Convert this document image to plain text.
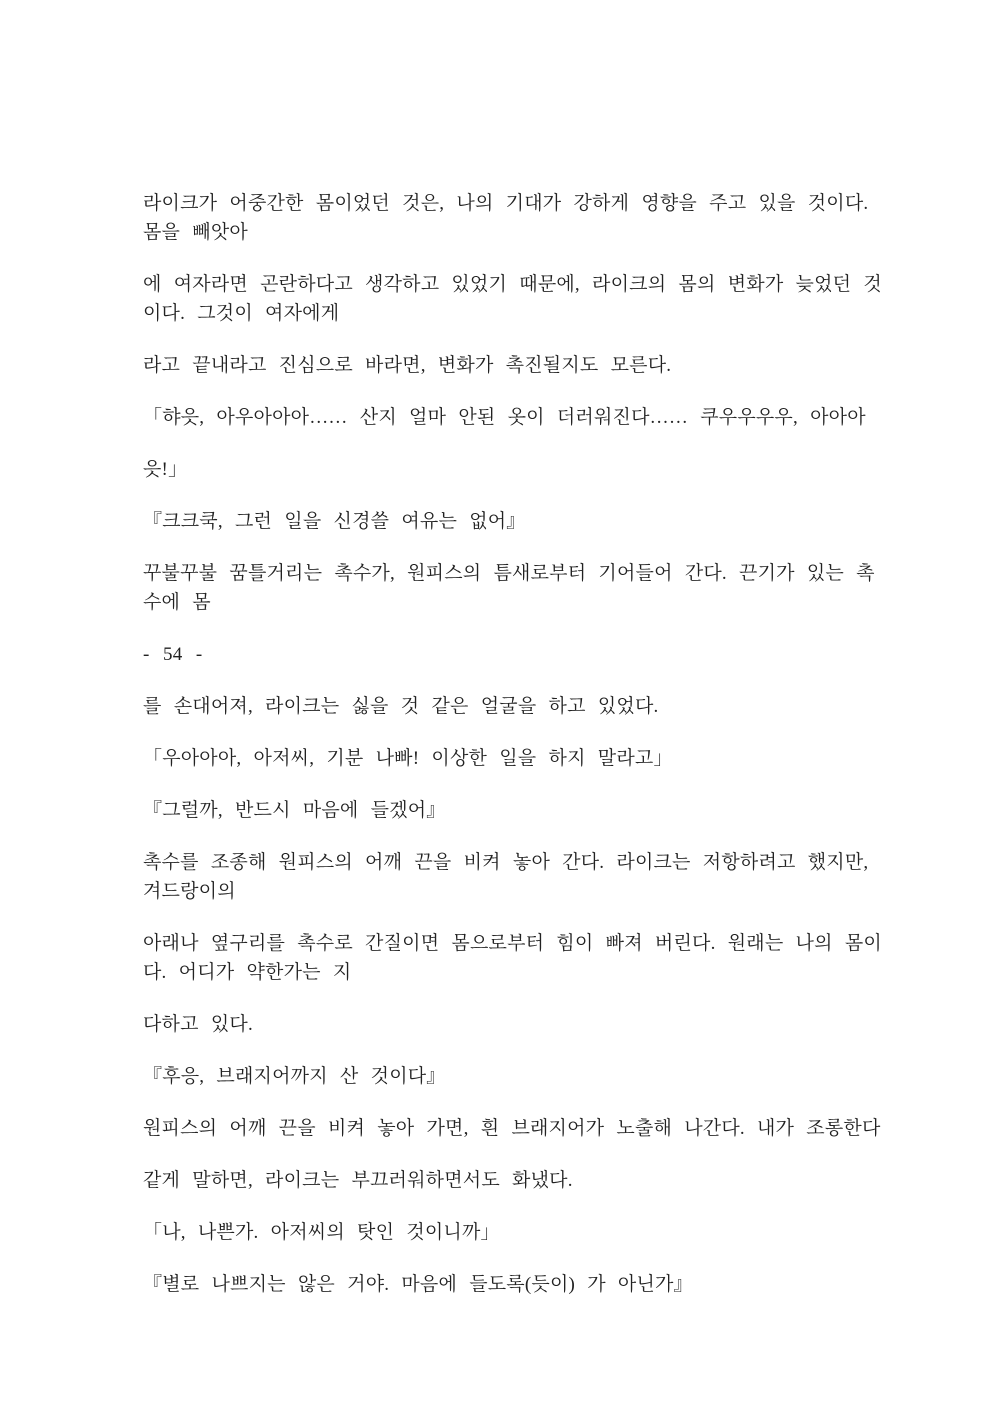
라이크가 어중간한 몸이었던 것은, 나의 기대가 강하게 영향을 주고 있을 것이다. 몸을 빼앗아

에 여자라면 곤란하다고 생각하고 있었기 때문에, 라이크의 몸의 변화가 늦었던 것이다. 그것이 여자에게

라고 끝내라고 진심으로 바라면, 변화가 촉진될지도 모른다.

「햐읏, 아우아아아…… 산지 얼마 안된 옷이 더러워진다…… 쿠우우우우, 아아아

읏!」

『크크쿡, 그런 일을 신경쓸 여유는 없어』

꾸불꾸불 꿈틀거리는 촉수가, 원피스의 틈새로부터 기어들어 간다. 끈기가 있는 촉수에 몸

- 54 -

를 손대어져, 라이크는 싫을 것 같은 얼굴을 하고 있었다.

「우아아아, 아저씨, 기분 나빠! 이상한 일을 하지 말라고」

『그럴까, 반드시 마음에 들겠어』

촉수를 조종해 원피스의 어깨 끈을 비켜 놓아 간다. 라이크는 저항하려고 했지만, 겨드랑이의

아래나 옆구리를 촉수로 간질이면 몸으로부터 힘이 빠져 버린다. 원래는 나의 몸이다. 어디가 약한가는 지

다하고 있다.

『후응, 브래지어까지 산 것이다』

원피스의 어깨 끈을 비켜 놓아 가면, 흰 브래지어가 노출해 나간다. 내가 조롱한다

같게 말하면, 라이크는 부끄러워하면서도 화냈다.

「나, 나쁜가. 아저씨의 탓인 것이니까」

『별로 나쁘지는 않은 거야. 마음에 들도록(듯이) 가 아닌가』
